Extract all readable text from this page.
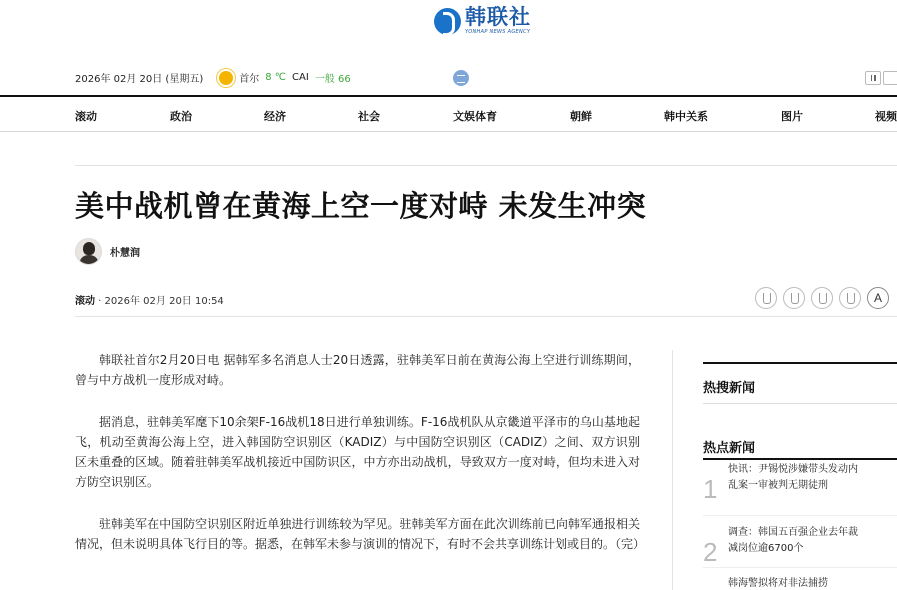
韩联社
YONHAP NEWS AGENCY
2026年 02月 20日 (星期五)	首尔 8 ℃ CAI 一般 66
滚动	政治	经济	社会	文娱体育	朝鲜	韩中关系	图片	视频
美中战机曾在黄海上空一度对峙 未发生冲突
朴慧润
滚动 · 2026年 02月 20日 10:54	A

韩联社首尔2月20日电 据韩军多名消息人士20日透露，驻韩美军日前在黄海公海上空进行训练期间，曾与中方战机一度形成对峙。

据消息，驻韩美军麾下10余架F-16战机18日进行单独训练。F-16战机队从京畿道平泽市的乌山基地起飞，机动至黄海公海上空，进入韩国防空识别区（KADIZ）与中国防空识别区（CADIZ）之间、双方识别区未重叠的区域。随着驻韩美军战机接近中国防识区，中方亦出动战机，导致双方一度对峙，但均未进入对方防空识别区。

驻韩美军在中国防空识别区附近单独进行训练较为罕见。驻韩美军方面在此次训练前已向韩军通报相关情况，但未说明具体飞行目的等。据悉，在韩军未参与演训的情况下，有时不会共享训练计划或目的。（完）

热搜新闻
热点新闻
1
快讯：尹锡悦涉嫌带头发动内乱案一审被判无期徒刑
2
调查：韩国五百强企业去年裁减岗位逾6700个
韩海警拟将对非法捕捞
